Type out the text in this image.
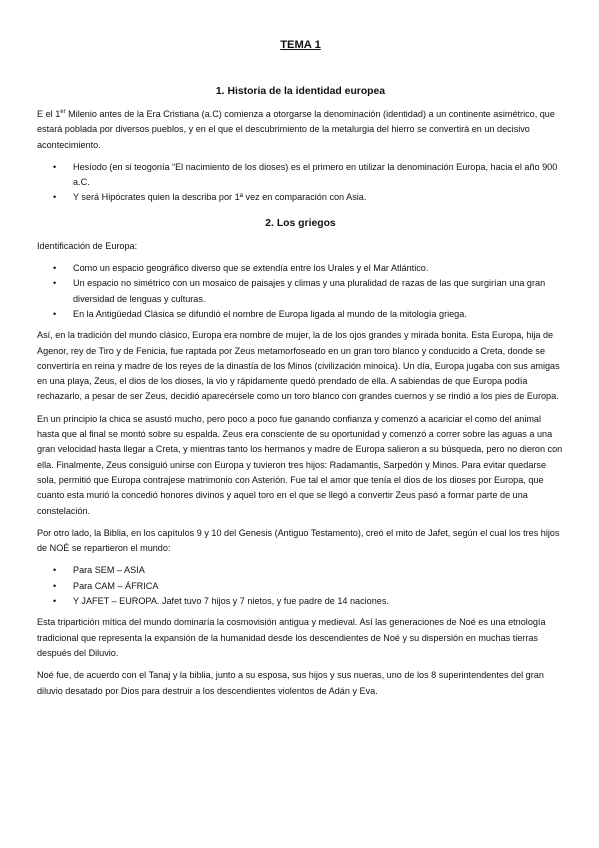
TEMA 1
1. Historia de la identidad europea

E el 1er Milenio antes de la Era Cristiana (a.C) comienza a otorgarse la denominación (identidad) a un continente asimétrico, que estará poblada por diversos pueblos, y en el que el descubrimiento de la metalurgia del hierro se convertirá en un decisivo acontecimiento.

• Hesíodo (en si teogonía “El nacimiento de los dioses) es el primero en utilizar la denominación Europa, hacia el año 900 a.C.
• Y será Hipócrates quien la describa por 1ª vez en comparación con Asia.
2. Los griegos

Identificación de Europa:

• Como un espacio geográfico diverso que se extendía entre los Urales y el Mar Atlántico.
• Un espacio no simétrico con un mosaico de paisajes y climas y una pluralidad de razas de las que surgirían una gran diversidad de lenguas y culturas.
• En la Antigüedad Clásica se difundió el nombre de Europa ligada al mundo de la mitología griega.

Así, en la tradición del mundo clásico, Europa era nombre de mujer, la de los ojos grandes y mirada bonita. Esta Europa, hija de Agenor, rey de Tiro y de Fenicia, fue raptada por Zeus metamorfoseado en un gran toro blanco y conducido a Creta, donde se convertiría en reina y madre de los reyes de la dinastía de los Minos (civilización minoica). Un día, Europa jugaba con sus amigas en una playa, Zeus, el dios de los dioses, la vio y rápidamente quedó prendado de ella. A sabiendas de que Europa podía rechazarlo, a pesar de ser Zeus, decidió aparecérsele como un toro blanco con grandes cuernos y se rindió a los pies de Europa.

En un principio la chica se asustó mucho, pero poco a poco fue ganando confianza y comenzó a acariciar el como del animal hasta que al final se montó sobre su espalda. Zeus era consciente de su oportunidad y comenzó a correr sobre las aguas a una gran velocidad hasta llegar a Creta, y mientras tanto los hermanos y madre de Europa salieron a su búsqueda, pero no dieron con ella. Finalmente, Zeus consiguió unirse con Europa y tuvieron tres hijos: Radamantis, Sarpedón y Minos. Para evitar quedarse sola, permitió que Europa contrajese matrimonio con Asterión. Fue tal el amor que tenía el dios de los dioses por Europa, que cuanto esta murió la concedió honores divinos y aquel toro en el que se llegó a convertir Zeus pasó a formar parte de una constelación.

Por otro lado, la Biblia, en los capítulos 9 y 10 del Genesis (Antiguo Testamento), creó el mito de Jafet, según el cual los tres hijos de NOÉ se repartieron el mundo:

• Para SEM – ASIA
• Para CAM – ÁFRICA
• Y JAFET – EUROPA. Jafet tuvo 7 hijos y 7 nietos, y fue padre de 14 naciones.

Esta tripartición mítica del mundo dominaría la cosmovisión antigua y medieval. Así las generaciones de Noé es una etnología tradicional que representa la expansión de la humanidad desde los descendientes de Noé y su dispersión en muchas tierras después del Diluvio.

Noé fue, de acuerdo con el Tanaj y la biblia, junto a su esposa, sus hijos y sus nueras, uno de los 8 superintendentes del gran diluvio desatado por Dios para destruir a los descendientes violentos de Adán y Eva.
